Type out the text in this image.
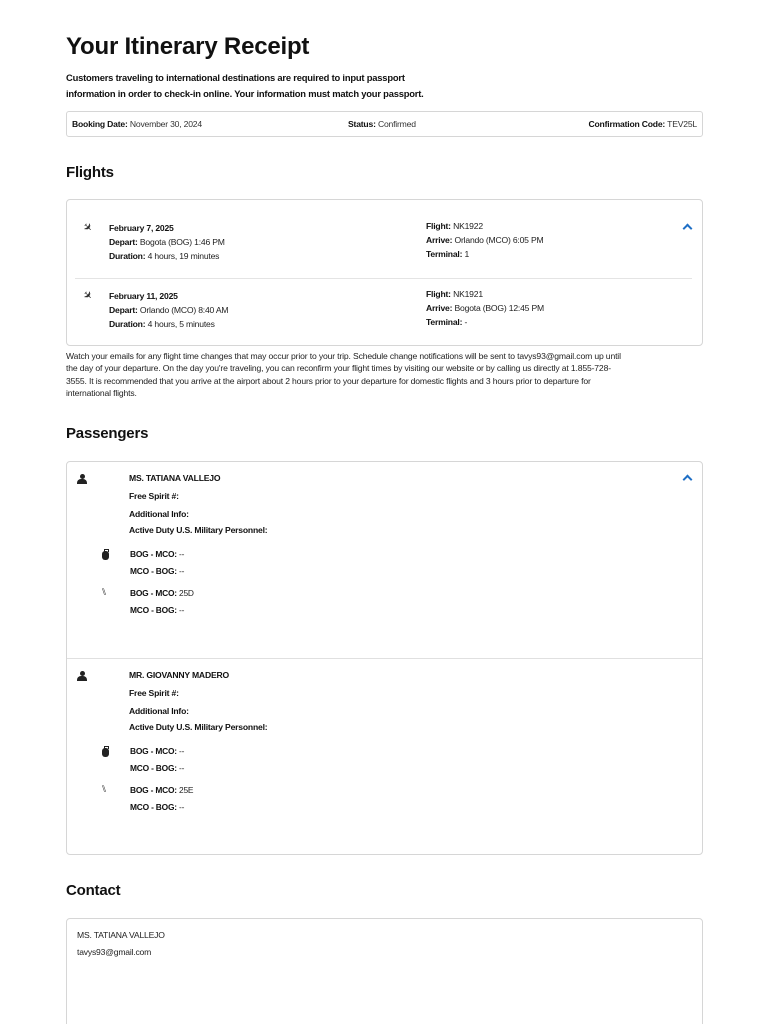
Your Itinerary Receipt
Customers traveling to international destinations are required to input passport
information in order to check-in online. Your information must match your passport.
Booking Date: November 30, 2024	Status: Confirmed	Confirmation Code: TEV25L
Flights
✈ February 7, 2025
Depart: Bogota (BOG) 1:46 PM
Duration: 4 hours, 19 minutes
Flight: NK1922
Arrive: Orlando (MCO) 6:05 PM
Terminal: 1
✈ February 11, 2025
Depart: Orlando (MCO) 8:40 AM
Duration: 4 hours, 5 minutes
Flight: NK1921
Arrive: Bogota (BOG) 12:45 PM
Terminal: -
Watch your emails for any flight time changes that may occur prior to your trip. Schedule change notifications will be sent to tavys93@gmail.com up until
the day of your departure. On the day you're traveling, you can reconfirm your flight times by visiting our website or by calling us directly at 1.855-728-
3555. It is recommended that you arrive at the airport about 2 hours prior to your departure for domestic flights and 3 hours prior to departure for
international flights.
Passengers
MS. TATIANA VALLEJO
Free Spirit #:
Additional Info:
Active Duty U.S. Military Personnel:
BOG - MCO: --
MCO - BOG: --
⑊	BOG - MCO: 25D
MCO - BOG: --
MR. GIOVANNY MADERO
Free Spirit #:
Additional Info:
Active Duty U.S. Military Personnel:
BOG - MCO: --
MCO - BOG: --
⑊	BOG - MCO: 25E
MCO - BOG: --
Contact
MS. TATIANA VALLEJO
tavys93@gmail.com
